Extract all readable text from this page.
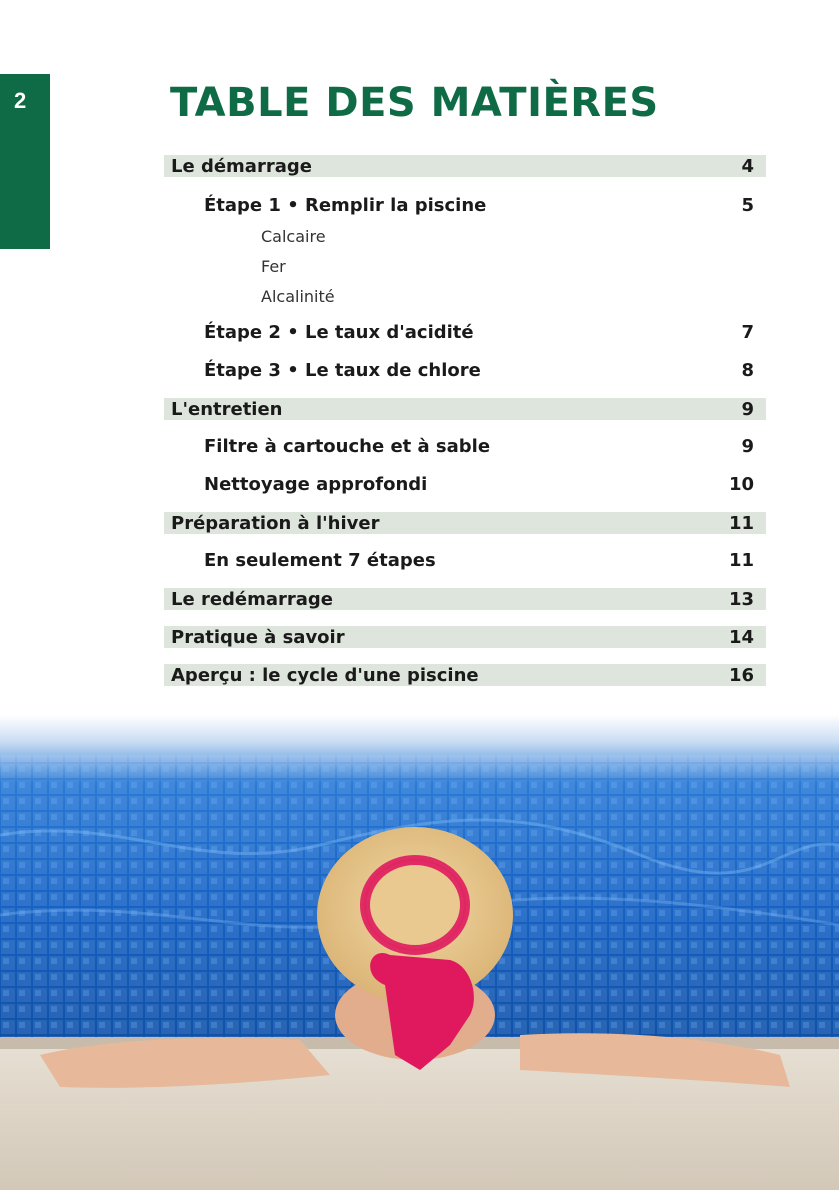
2	TABLE DES MATIÈRES
Le démarrage	4
Étape 1 • Remplir la piscine	5
Calcaire
Fer
Alcalinité
Étape 2 • Le taux d'acidité	7
Étape 3 • Le taux de chlore	8
L'entretien	9
Filtre à cartouche et à sable	9
Nettoyage approfondi	10
Préparation à l'hiver	11
En seulement 7 étapes	11
Le redémarrage	13
Pratique à savoir	14
Aperçu : le cycle d'une piscine	16
